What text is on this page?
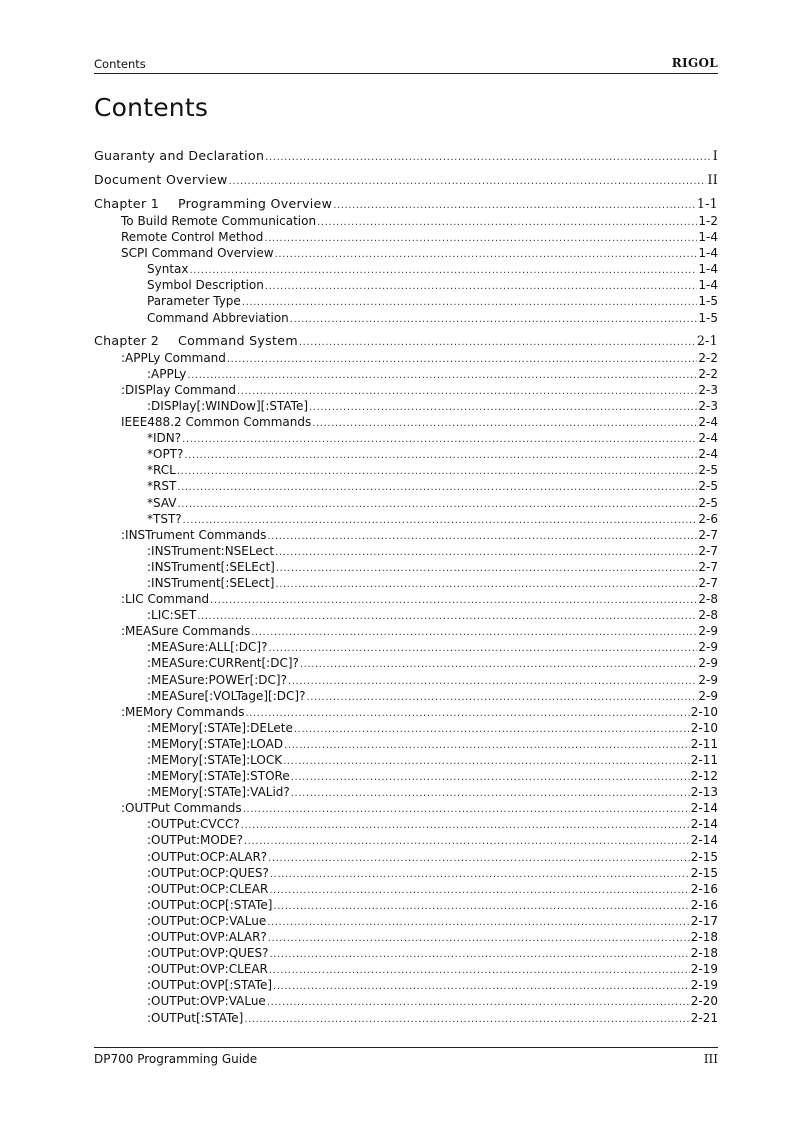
Contents	RIGOL
Contents
Guaranty and Declaration .....	I
Document Overview .....	II
Chapter 1 Programming Overview .....	1-1
To Build Remote Communication .....	1-2
Remote Control Method .....	1-4
SCPI Command Overview .....	1-4
Syntax .....	1-4
Symbol Description .....	1-4
Parameter Type .....	1-5
Command Abbreviation .....	1-5
Chapter 2 Command System .....	2-1
:APPLy Command .....	2-2
:APPLy .....	2-2
:DISPlay Command .....	2-3
:DISPlay[:WINDow][:STATe] .....	2-3
IEEE488.2 Common Commands .....	2-4
*IDN? .....	2-4
*OPT? .....	2-4
*RCL .....	2-5
*RST .....	2-5
*SAV .....	2-5
*TST? .....	2-6
:INSTrument Commands .....	2-7
:INSTrument:NSELect .....	2-7
:INSTrument[:SELEct] .....	2-7
:INSTrument[:SELect] .....	2-7
:LIC Command .....	2-8
:LIC:SET .....	2-8
:MEASure Commands .....	2-9
:MEASure:ALL[:DC]? .....	2-9
:MEASure:CURRent[:DC]? .....	2-9
:MEASure:POWEr[:DC]? .....	2-9
:MEASure[:VOLTage][:DC]? .....	2-9
:MEMory Commands .....	2-10
:MEMory[:STATe]:DELete .....	2-10
:MEMory[:STATe]:LOAD .....	2-11
:MEMory[:STATe]:LOCK .....	2-11
:MEMory[:STATe]:STORe .....	2-12
:MEMory[:STATe]:VALid? .....	2-13
:OUTPut Commands .....	2-14
:OUTPut:CVCC? .....	2-14
:OUTPut:MODE? .....	2-14
:OUTPut:OCP:ALAR? .....	2-15
:OUTPut:OCP:QUES? .....	2-15
:OUTPut:OCP:CLEAR .....	2-16
:OUTPut:OCP[:STATe] .....	2-16
:OUTPut:OCP:VALue .....	2-17
:OUTPut:OVP:ALAR? .....	2-18
:OUTPut:OVP:QUES? .....	2-18
:OUTPut:OVP:CLEAR .....	2-19
:OUTPut:OVP[:STATe] .....	2-19
:OUTPut:OVP:VALue .....	2-20
:OUTPut[:STATe] .....	2-21
DP700 Programming Guide	III
